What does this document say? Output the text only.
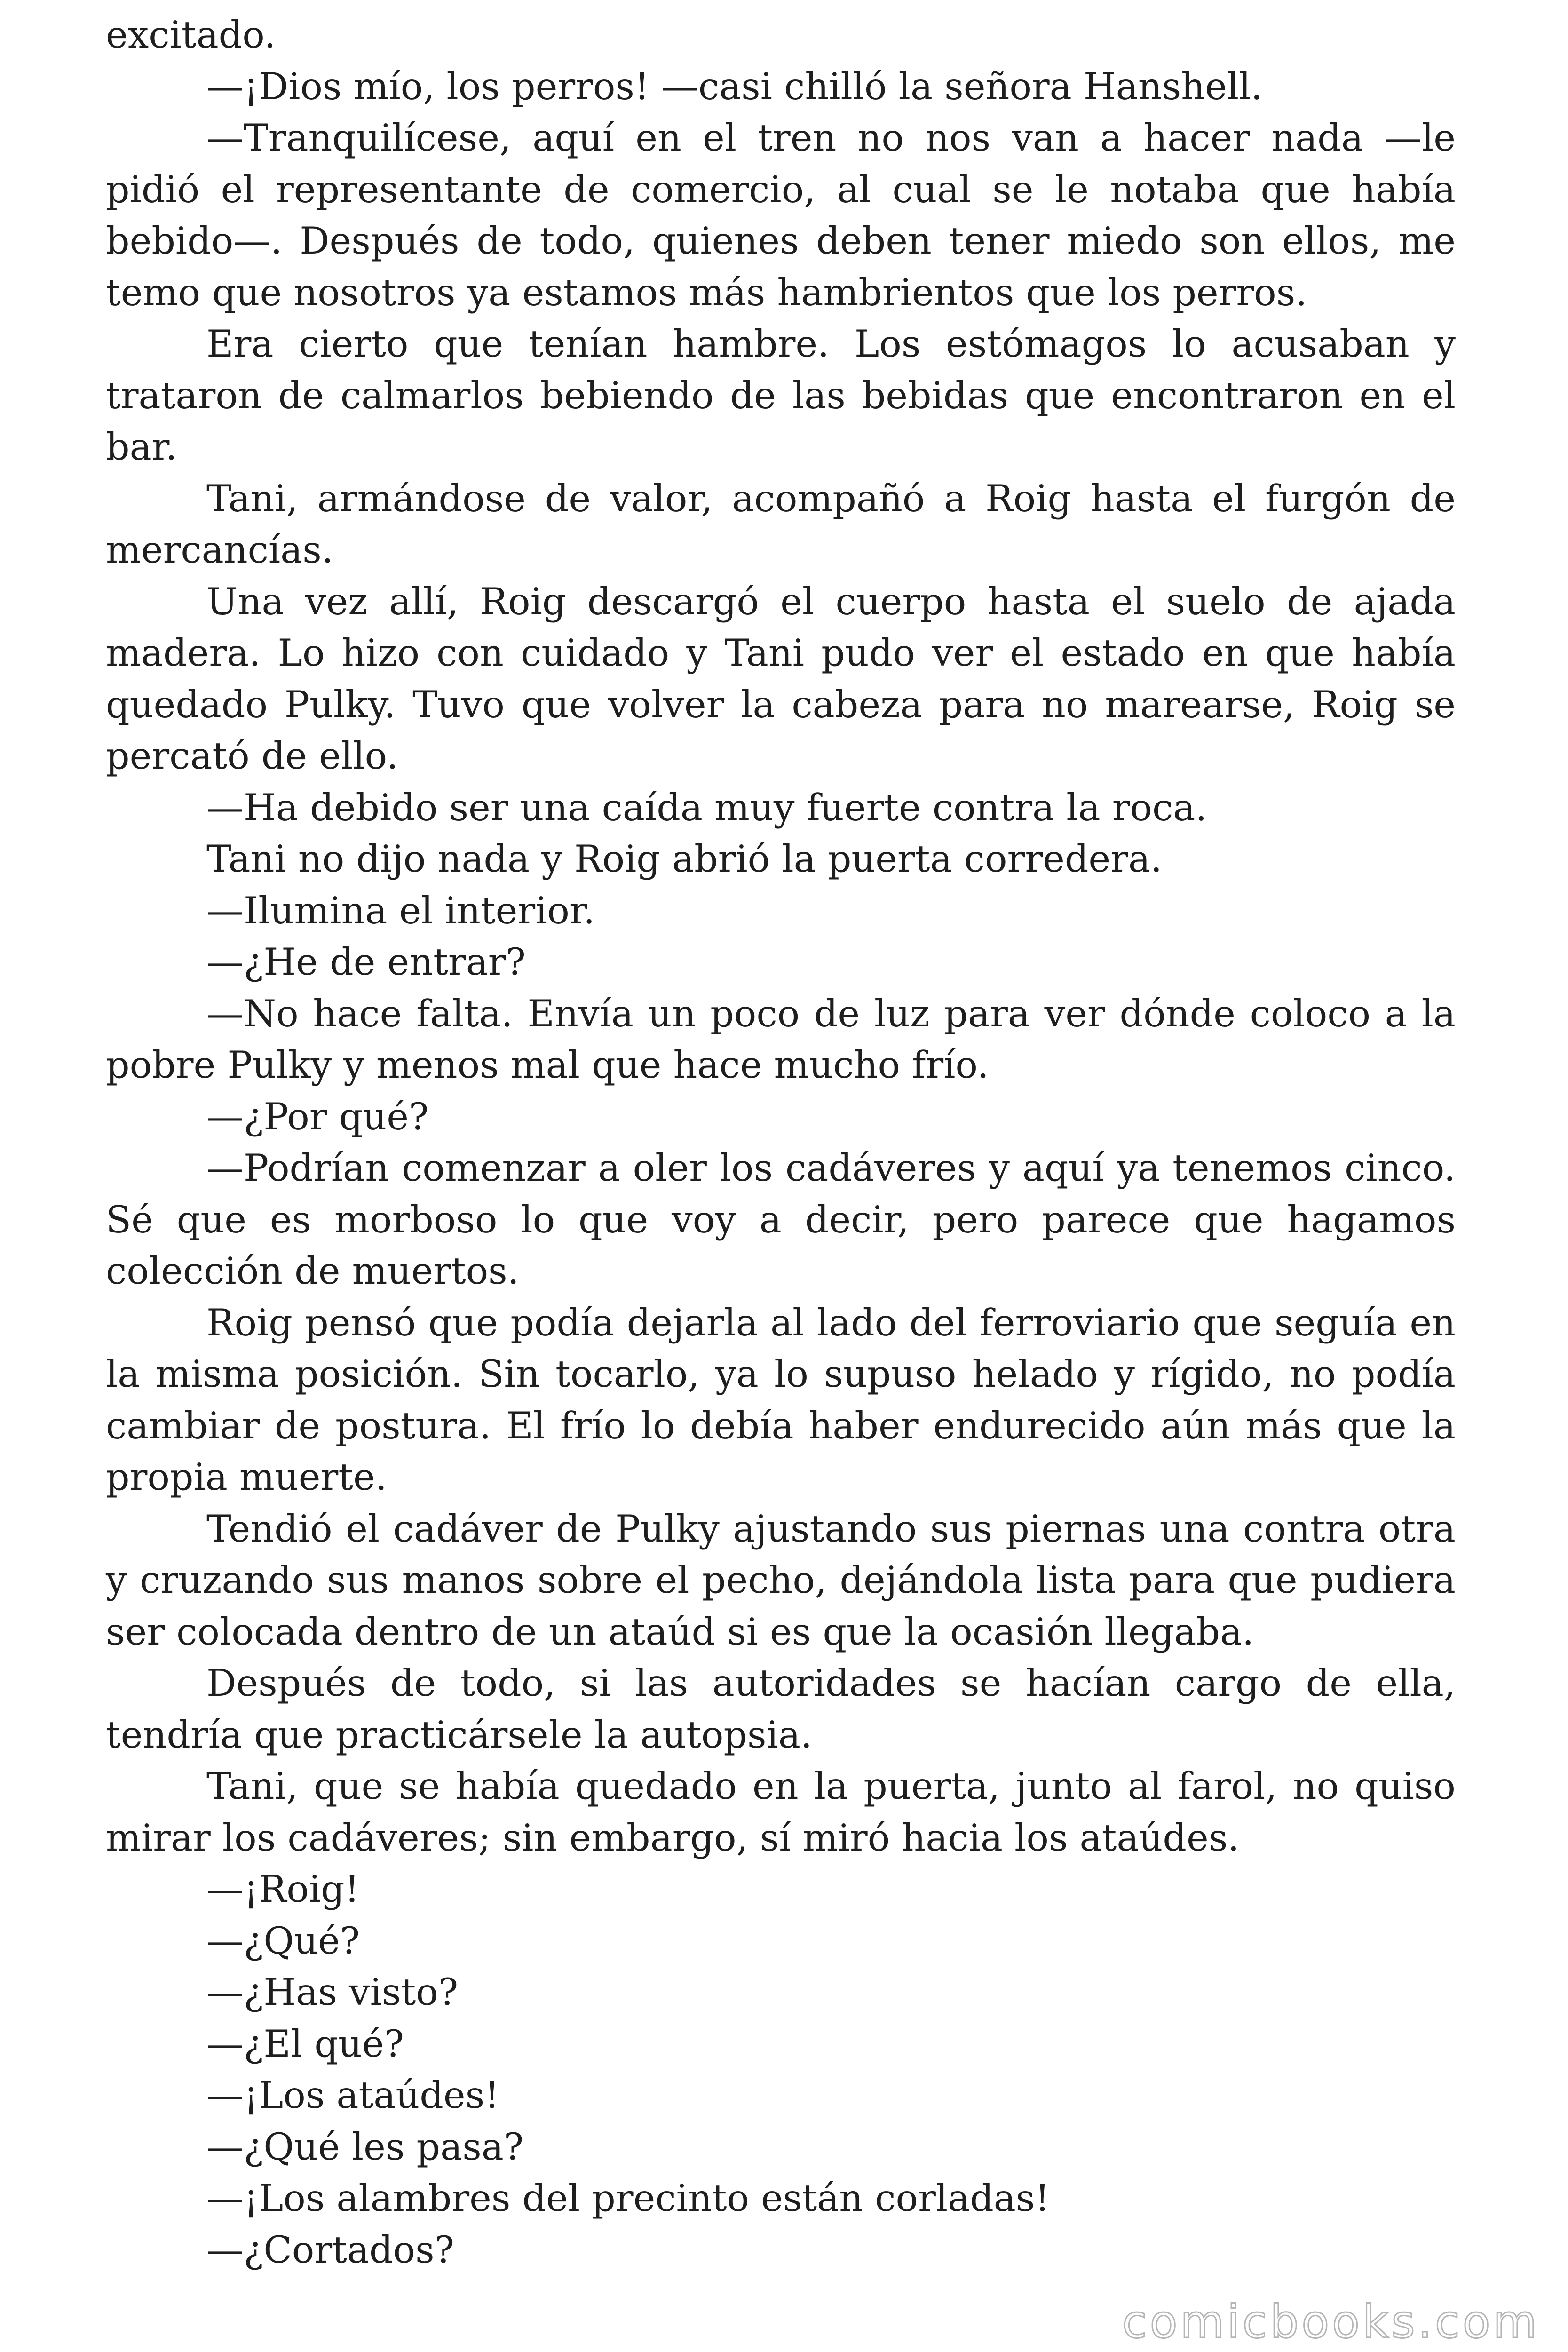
excitado.

—¡Dios mío, los perros! —casi chilló la señora Hanshell.

—Tranquilícese, aquí en el tren no nos van a hacer nada —le pidió el representante de comercio, al cual se le notaba que había bebido—. Después de todo, quienes deben tener miedo son ellos, me temo que nosotros ya estamos más hambrientos que los perros.

Era cierto que tenían hambre. Los estómagos lo acusaban y trataron de calmarlos bebiendo de las bebidas que encontraron en el bar.

Tani, armándose de valor, acompañó a Roig hasta el furgón de mercancías.

Una vez allí, Roig descargó el cuerpo hasta el suelo de ajada madera. Lo hizo con cuidado y Tani pudo ver el estado en que había quedado Pulky. Tuvo que volver la cabeza para no marearse, Roig se percató de ello.

—Ha debido ser una caída muy fuerte contra la roca.

Tani no dijo nada y Roig abrió la puerta corredera.

—Ilumina el interior.

—¿He de entrar?

—No hace falta. Envía un poco de luz para ver dónde coloco a la pobre Pulky y menos mal que hace mucho frío.

—¿Por qué?

—Podrían comenzar a oler los cadáveres y aquí ya tenemos cinco. Sé que es morboso lo que voy a decir, pero parece que hagamos colección de muertos.

Roig pensó que podía dejarla al lado del ferroviario que seguía en la misma posición. Sin tocarlo, ya lo supuso helado y rígido, no podía cambiar de postura. El frío lo debía haber endurecido aún más que la propia muerte.

Tendió el cadáver de Pulky ajustando sus piernas una contra otra y cruzando sus manos sobre el pecho, dejándola lista para que pudiera ser colocada dentro de un ataúd si es que la ocasión llegaba.

Después de todo, si las autoridades se hacían cargo de ella, tendría que practicársele la autopsia.

Tani, que se había quedado en la puerta, junto al farol, no quiso mirar los cadáveres; sin embargo, sí miró hacia los ataúdes.

—¡Roig!

—¿Qué?

—¿Has visto?

—¿El qué?

—¡Los ataúdes!

—¿Qué les pasa?

—¡Los alambres del precinto están corladas!

—¿Cortados?

comicbooks.com
